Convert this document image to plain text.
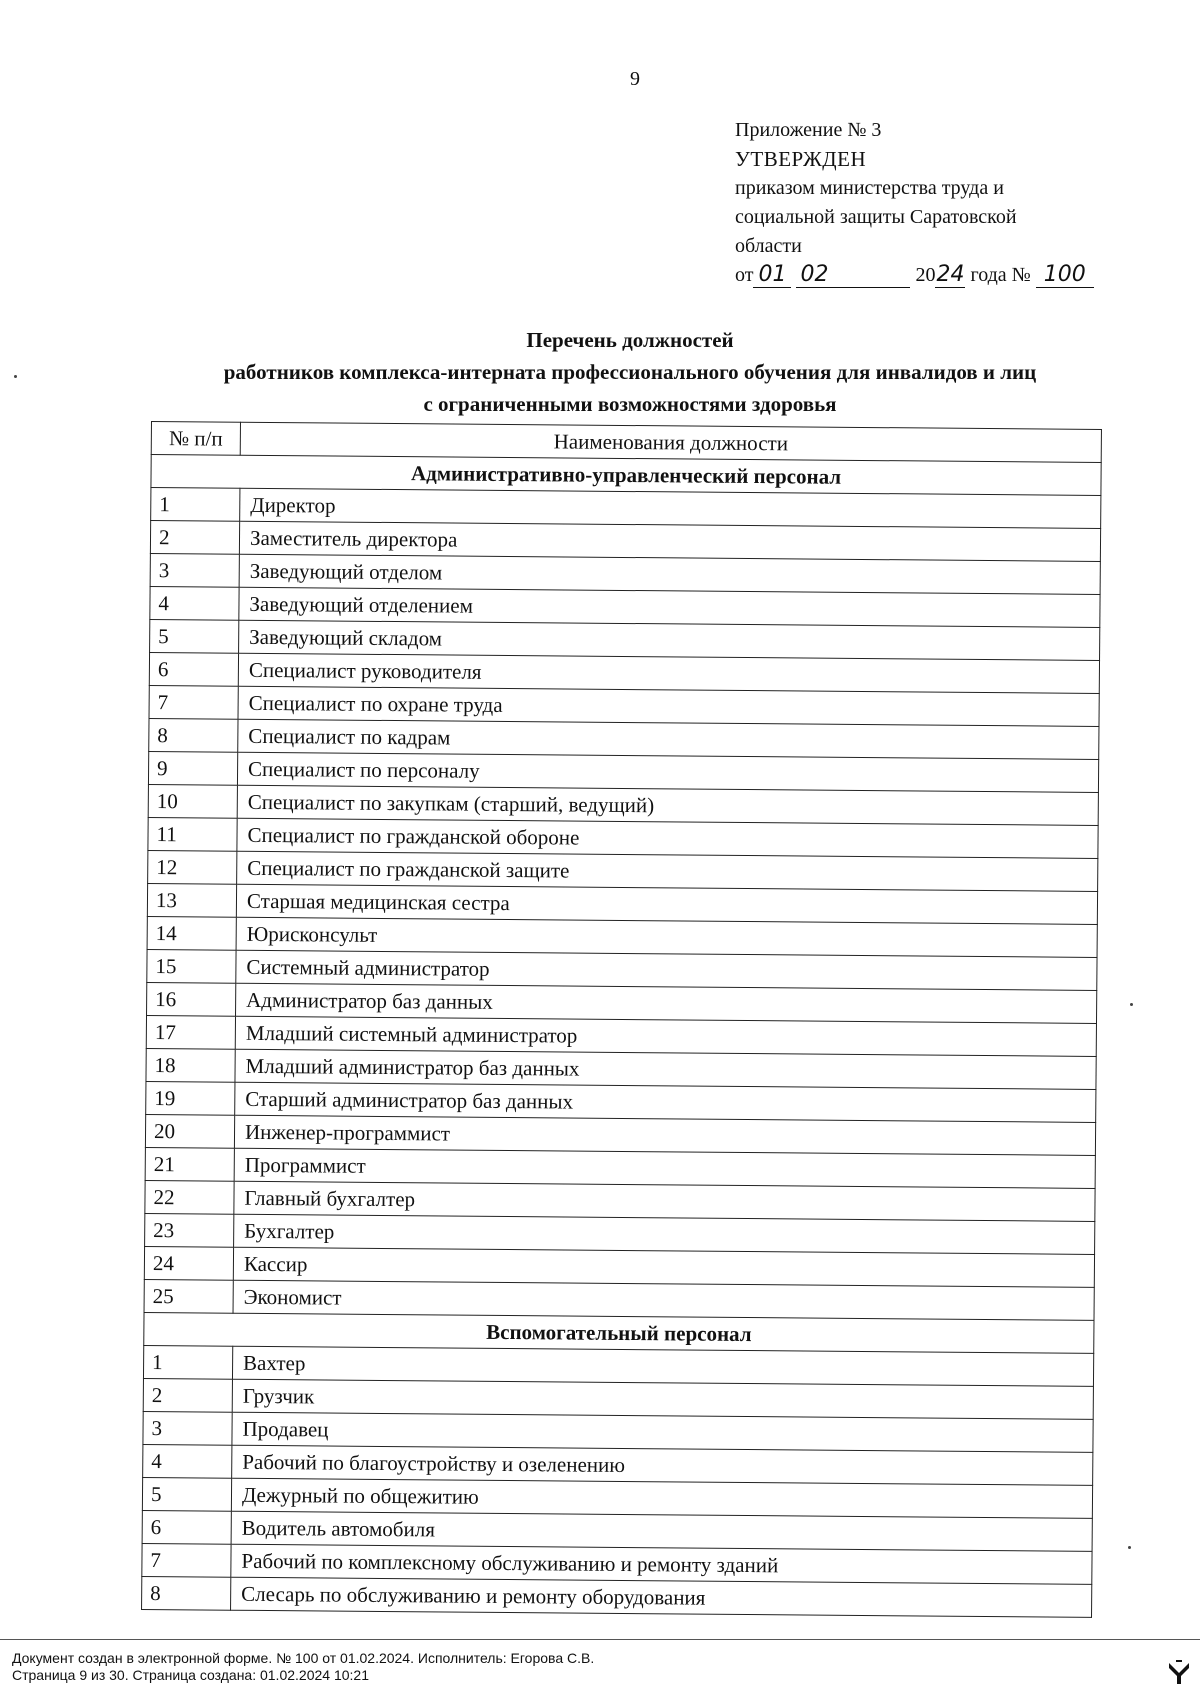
9
Приложение № 3
УТВЕРЖДЕН
приказом министерства труда и
социальной защиты Саратовской
области
от 01 02	2024 года № 100
Перечень должностей
работников комплекса-интерната профессионального обучения для инвалидов и лиц
с ограниченными возможностями здоровья
№ п/п	Наименования должности
Административно-управленческий персонал	
1	Директор
2	Заместитель директора
3	Заведующий отделом
4	Заведующий отделением
5	Заведующий складом
6	Специалист руководителя
7	Специалист по охране труда
8	Специалист по кадрам
9	Специалист по персоналу
10	Специалист по закупкам (старший, ведущий)
11	Специалист по гражданской обороне
12	Специалист по гражданской защите
13	Старшая медицинская сестра
14	Юрисконсульт
15	Системный администратор
16	Администратор баз данных
17	Младший системный администратор
18	Младший администратор баз данных
19	Старший администратор баз данных
20	Инженер-программист
21	Программист
22	Главный бухгалтер
23	Бухгалтер
24	Кассир
25	Экономист
Вспомогательный персонал	
1	Вахтер
2	Грузчик
3	Продавец
4	Рабочий по благоустройству и озеленению
5	Дежурный по общежитию
6	Водитель автомобиля
7	Рабочий по комплексному обслуживанию и ремонту зданий
8	Слесарь по обслуживанию и ремонту оборудования
Документ создан в электронной форме. № 100 от 01.02.2024. Исполнитель: Егорова С.В.
Страница 9 из 30. Страница создана: 01.02.2024 10:21
